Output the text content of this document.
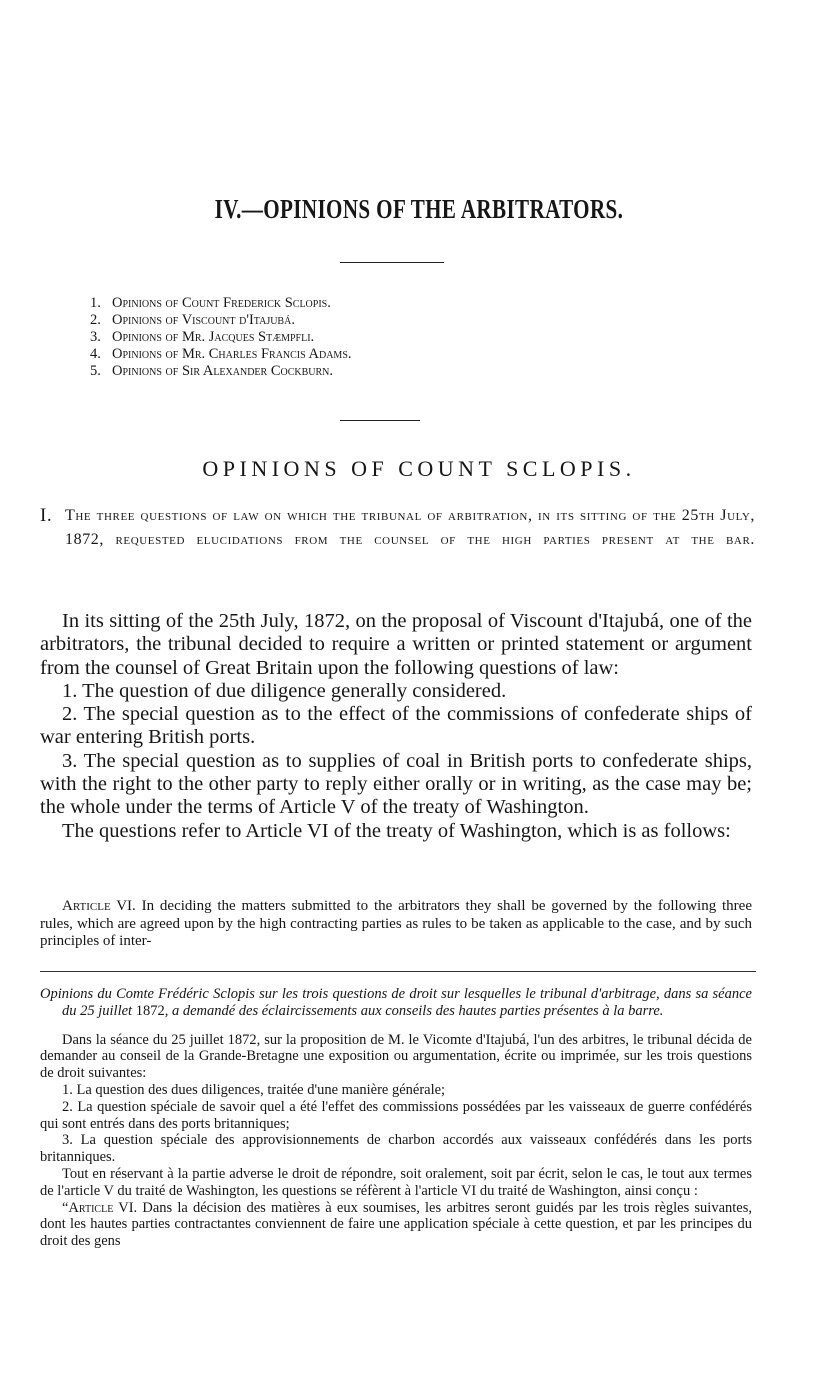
IV.—OPINIONS OF THE ARBITRATORS.
1. Opinions of Count Frederick Sclopis.
2. Opinions of Viscount d'Itajubá.
3. Opinions of Mr. Jacques Stæmpfli.
4. Opinions of Mr. Charles Francis Adams.
5. Opinions of Sir Alexander Cockburn.
OPINIONS OF COUNT SCLOPIS.
I. The three questions of law on which the tribunal of arbitration, in its sitting of the 25th July, 1872, requested elucidations from the counsel of the high parties present at the bar.

In its sitting of the 25th July, 1872, on the proposal of Viscount d'Itajubá, one of the arbitrators, the tribunal decided to require a written or printed statement or argument from the counsel of Great Britain upon the following questions of law:

1. The question of due diligence generally considered.

2. The special question as to the effect of the commissions of confederate ships of war entering British ports.

3. The special question as to supplies of coal in British ports to confederate ships, with the right to the other party to reply either orally or in writing, as the case may be; the whole under the terms of Article V of the treaty of Washington.

The questions refer to Article VI of the treaty of Washington, which is as follows:

Article VI. In deciding the matters submitted to the arbitrators they shall be governed by the following three rules, which are agreed upon by the high contracting parties as rules to be taken as applicable to the case, and by such principles of inter-

Opinions du Comte Frédéric Sclopis sur les trois questions de droit sur lesquelles le tribunal d'arbitrage, dans sa séance du 25 juillet 1872, a demandé des éclaircissements aux conseils des hautes parties présentes à la barre.

Dans la séance du 25 juillet 1872, sur la proposition de M. le Vicomte d'Itajubá, l'un des arbitres, le tribunal décida de demander au conseil de la Grande-Bretagne une exposition ou argumentation, écrite ou imprimée, sur les trois questions de droit suivantes:

1. La question des dues diligences, traitée d'une manière générale;

2. La question spéciale de savoir quel a été l'effet des commissions possédées par les vaisseaux de guerre confédérés qui sont entrés dans des ports britanniques;

3. La question spéciale des approvisionnements de charbon accordés aux vaisseaux confédérés dans les ports britanniques.

Tout en réservant à la partie adverse le droit de répondre, soit oralement, soit par écrit, selon le cas, le tout aux termes de l'article V du traité de Washington, les questions se réfèrent à l'article VI du traité de Washington, ainsi conçu :

“Article VI. Dans la décision des matières à eux soumises, les arbitres seront guidés par les trois règles suivantes, dont les hautes parties contractantes conviennent de faire une application spéciale à cette question, et par les principes du droit des gens
